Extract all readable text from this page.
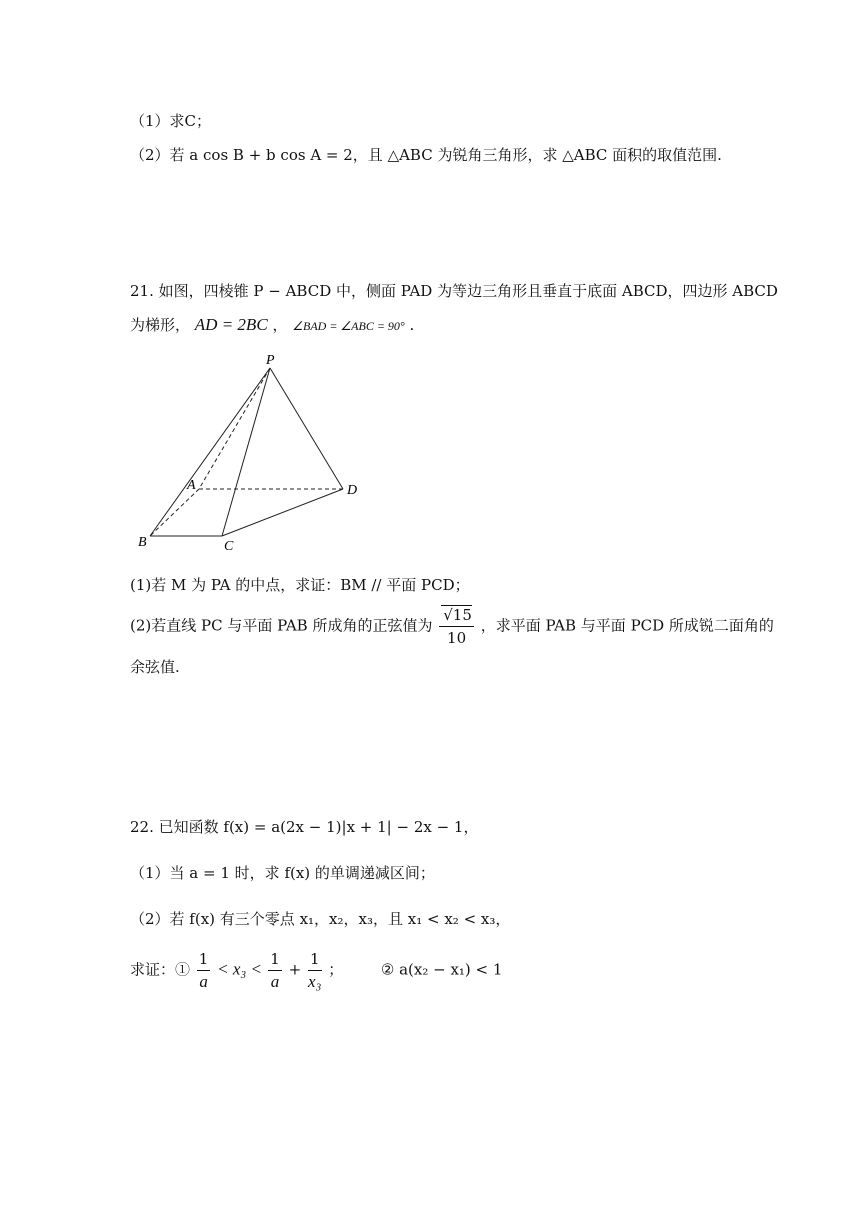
（1）求C；
（2）若 a cos B + b cos A = 2，且 △ABC 为锐角三角形，求 △ABC 面积的取值范围.
21. 如图，四棱锥 P − ABCD 中，侧面 PAD 为等边三角形且垂直于底面 ABCD，四边形 ABCD
为梯形， AD = 2BC ， ∠BAD = ∠ABC = 90° .
P
A
B	C
D
(1)若 M 为 PA 的中点，求证：BM // 平面 PCD；
(2)若直线 PC 与平面 PAB 所成角的正弦值为 $\frac{√15}{10}$ ，求平面 PAB 与平面 PCD 所成锐二面角的
余弦值.
22. 已知函数 f(x) = a(2x − 1)|x + 1| − 2x − 1，
（1）当 a = 1 时，求 f(x) 的单调递减区间；
（2）若 f(x) 有三个零点 x₁，x₂，x₃，且 x₁ < x₂ < x₃，
求证：① $\frac{1}{a} < x_3 < \frac{1}{a} + \frac{1}{\text{x₃}}$ ；	② a(x₂ − x₁) < 1
